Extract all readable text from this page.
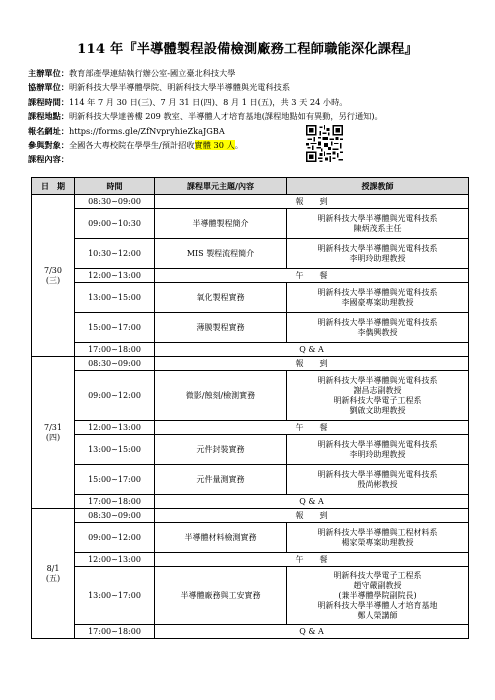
114 年『半導體製程設備檢測廠務工程師職能深化課程』
主辦單位：教育部產學連結執行辦公室-國立臺北科技大學
協辦單位：明新科技大學半導體學院、明新科技大學半導體與光電科技系
課程時間：114 年 7 月 30 日(三)、7 月 31 日(四)、8 月 1 日(五)，共 3 天 24 小時。
課程地點：明新科技大學達善樓 209 教室、半導體人才培育基地(課程地點如有異動，另行通知)。
報名網址：https://forms.gle/ZfNvpryhieZkaJGBA
參與對象：全國各大專校院在學學生/預計招收實體 30 人。
課程內容：
日　期	時間	課程單元主題/內容	授課教師

7/30
(三)	08:30~09:00	報　　到	
	09:00~10:30	半導體製程簡介	明新科技大學半導體與光電科技系
陳炳茂系主任

	10:30~12:00	MIS 製程流程簡介	明新科技大學半導體與光電科技系
李明玲助理教授

	12:00~13:00	午　　餐	
	13:00~15:00	氧化製程實務	明新科技大學半導體與光電科技系
李國豪專案助理教授

	15:00~17:00	薄膜製程實務	明新科技大學半導體與光電科技系
李儁興教授

	17:00~18:00	Q & A	

7/31
(四)	08:30~09:00	報　　到	
	09:00~12:00	微影/蝕刻/檢測實務	明新科技大學半導體與光電科技系
謝昌志副教授
明新科技大學電子工程系
劉啟文助理教授

	12:00~13:00	午　　餐	
	13:00~15:00	元件封裝實務	明新科技大學半導體與光電科技系
李明玲助理教授

	15:00~17:00	元件量測實務	明新科技大學半導體與光電科技系
殷尚彬教授

	17:00~18:00	Q & A	

8/1
(五)	08:30~09:00	報　　到	
	09:00~12:00	半導體材料檢測實務	明新科技大學半導體與工程材料系
楊家榮專案助理教授

	12:00~13:00	午　　餐	
	13:00~17:00	半導體廠務與工安實務	明新科技大學電子工程系
趙守嚴副教授
(兼半導體學院副院長)
明新科技大學半導體人才培育基地
鄭人榮講師

	17:00~18:00	Q & A	
